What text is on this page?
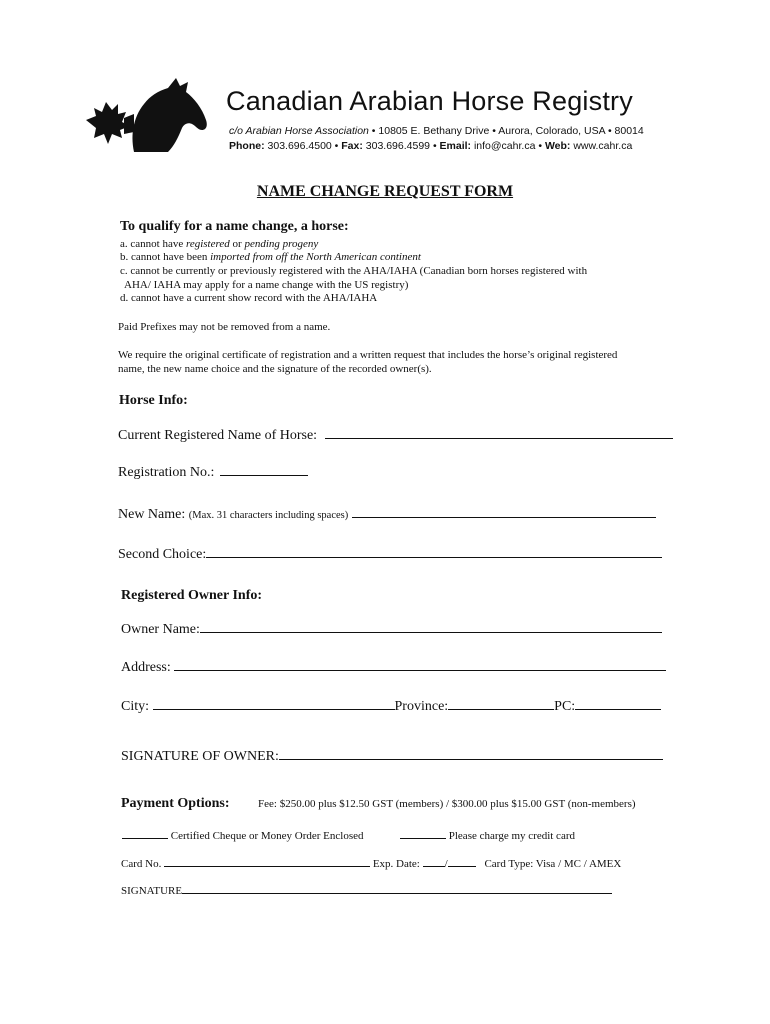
Canadian Arabian Horse Registry
c/o Arabian Horse Association • 10805 E. Bethany Drive • Aurora, Colorado, USA • 80014
Phone: 303.696.4500 • Fax: 303.696.4599 • Email: info@cahr.ca • Web: www.cahr.ca
NAME CHANGE REQUEST FORM
To qualify for a name change, a horse:
a. cannot have registered or pending progeny
b. cannot have been imported from off the North American continent
c. cannot be currently or previously registered with the AHA/IAHA (Canadian born horses registered with
AHA/ IAHA may apply for a name change with the US registry)
d. cannot have a current show record with the AHA/IAHA
Paid Prefixes may not be removed from a name.
We require the original certificate of registration and a written request that includes the horse’s original registered
name, the new name choice and the signature of the recorded owner(s).
Horse Info:
Current Registered Name of Horse:
Registration No.:
New Name: (Max. 31 characters including spaces)
Second Choice:
Registered Owner Info:
Owner Name:
Address:
City:	Province:	PC:
SIGNATURE OF OWNER:
Payment Options:	Fee: $250.00 plus $12.50 GST (members) / $300.00 plus $15.00 GST (non-members)
Certified Cheque or Money Order Enclosed	Please charge my credit card
Card No.	Exp. Date: /	Card Type: Visa / MC / AMEX
SIGNATURE
